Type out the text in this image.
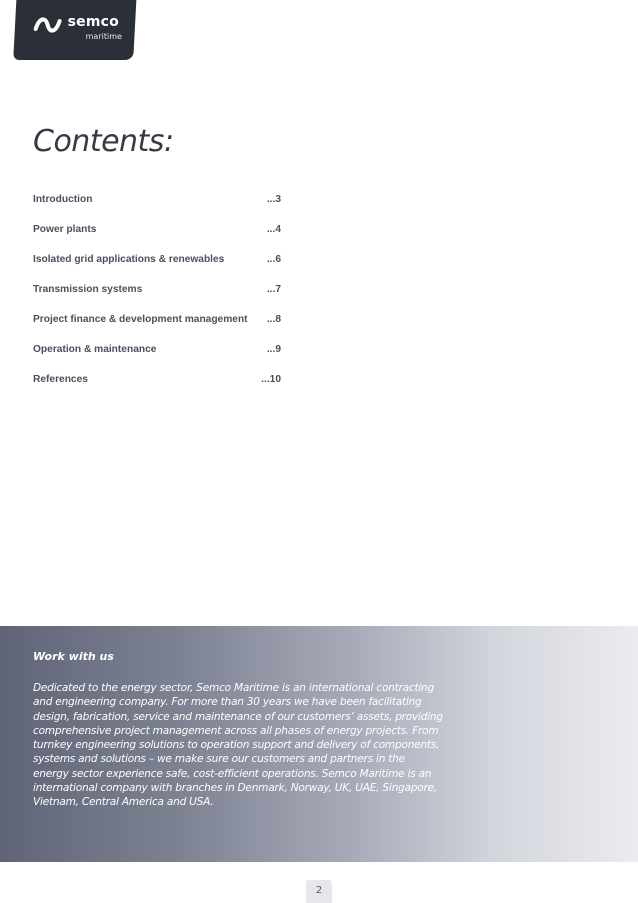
semco
maritime
Contents:
Introduction	...3
Power plants	...4
Isolated grid applications & renewables	...6
Transmission systems	...7
Project finance & development management ...8
Operation & maintenance	...9
References	...10
Work with us
Dedicated to the energy sector, Semco Maritime is an international contracting
and engineering company. For more than 30 years we have been facilitating
design, fabrication, service and maintenance of our customers’ assets, providing
comprehensive project management across all phases of energy projects. From
turnkey engineering solutions to operation support and delivery of components,
systems and solutions – we make sure our customers and partners in the
energy sector experience safe, cost-efficient operations. Semco Maritime is an
international company with branches in Denmark, Norway, UK, UAE, Singapore,
Vietnam, Central America and USA.
2
